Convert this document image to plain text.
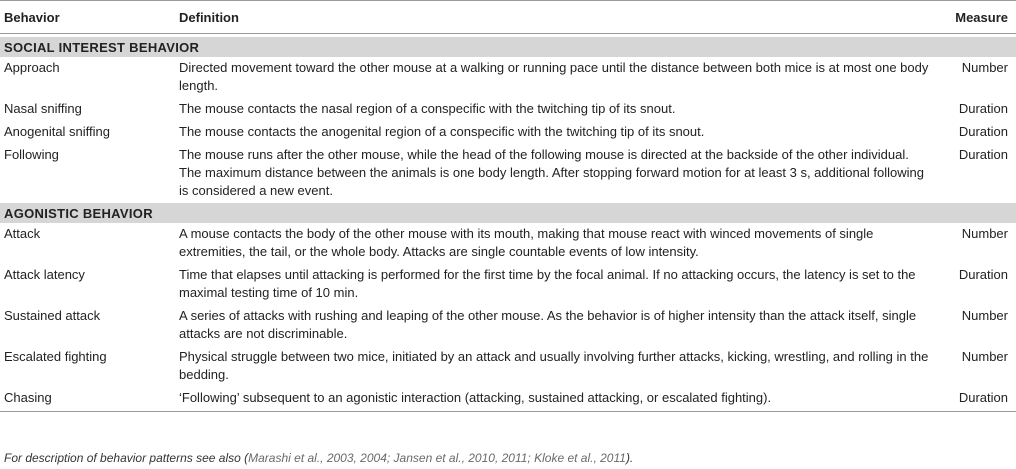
Behavior	Definition	Measure

SOCIAL INTEREST BEHAVIOR		
Approach	Directed movement toward the other mouse at a walking or running pace until the distance between both mice is at most one body length.	Number
Nasal sniffing	The mouse contacts the nasal region of a conspecific with the twitching tip of its snout.	Duration
Anogenital sniffing	The mouse contacts the anogenital region of a conspecific with the twitching tip of its snout.	Duration
Following	The mouse runs after the other mouse, while the head of the following mouse is directed at the backside of the other individual. The maximum distance between the animals is one body length. After stopping forward motion for at least 3 s, additional following is considered a new event.	Duration
AGONISTIC BEHAVIOR		
Attack	A mouse contacts the body of the other mouse with its mouth, making that mouse react with winced movements of single extremities, the tail, or the whole body. Attacks are single countable events of low intensity.	Number
Attack latency	Time that elapses until attacking is performed for the first time by the focal animal. If no attacking occurs, the latency is set to the maximal testing time of 10 min.	Duration
Sustained attack	A series of attacks with rushing and leaping of the other mouse. As the behavior is of higher intensity than the attack itself, single attacks are not discriminable.	Number
Escalated fighting	Physical struggle between two mice, initiated by an attack and usually involving further attacks, kicking, wrestling, and rolling in the bedding.	Number
Chasing	‘Following’ subsequent to an agonistic interaction (attacking, sustained attacking, or escalated fighting).	Duration
For description of behavior patterns see also (Marashi et al., 2003, 2004; Jansen et al., 2010, 2011; Kloke et al., 2011).
